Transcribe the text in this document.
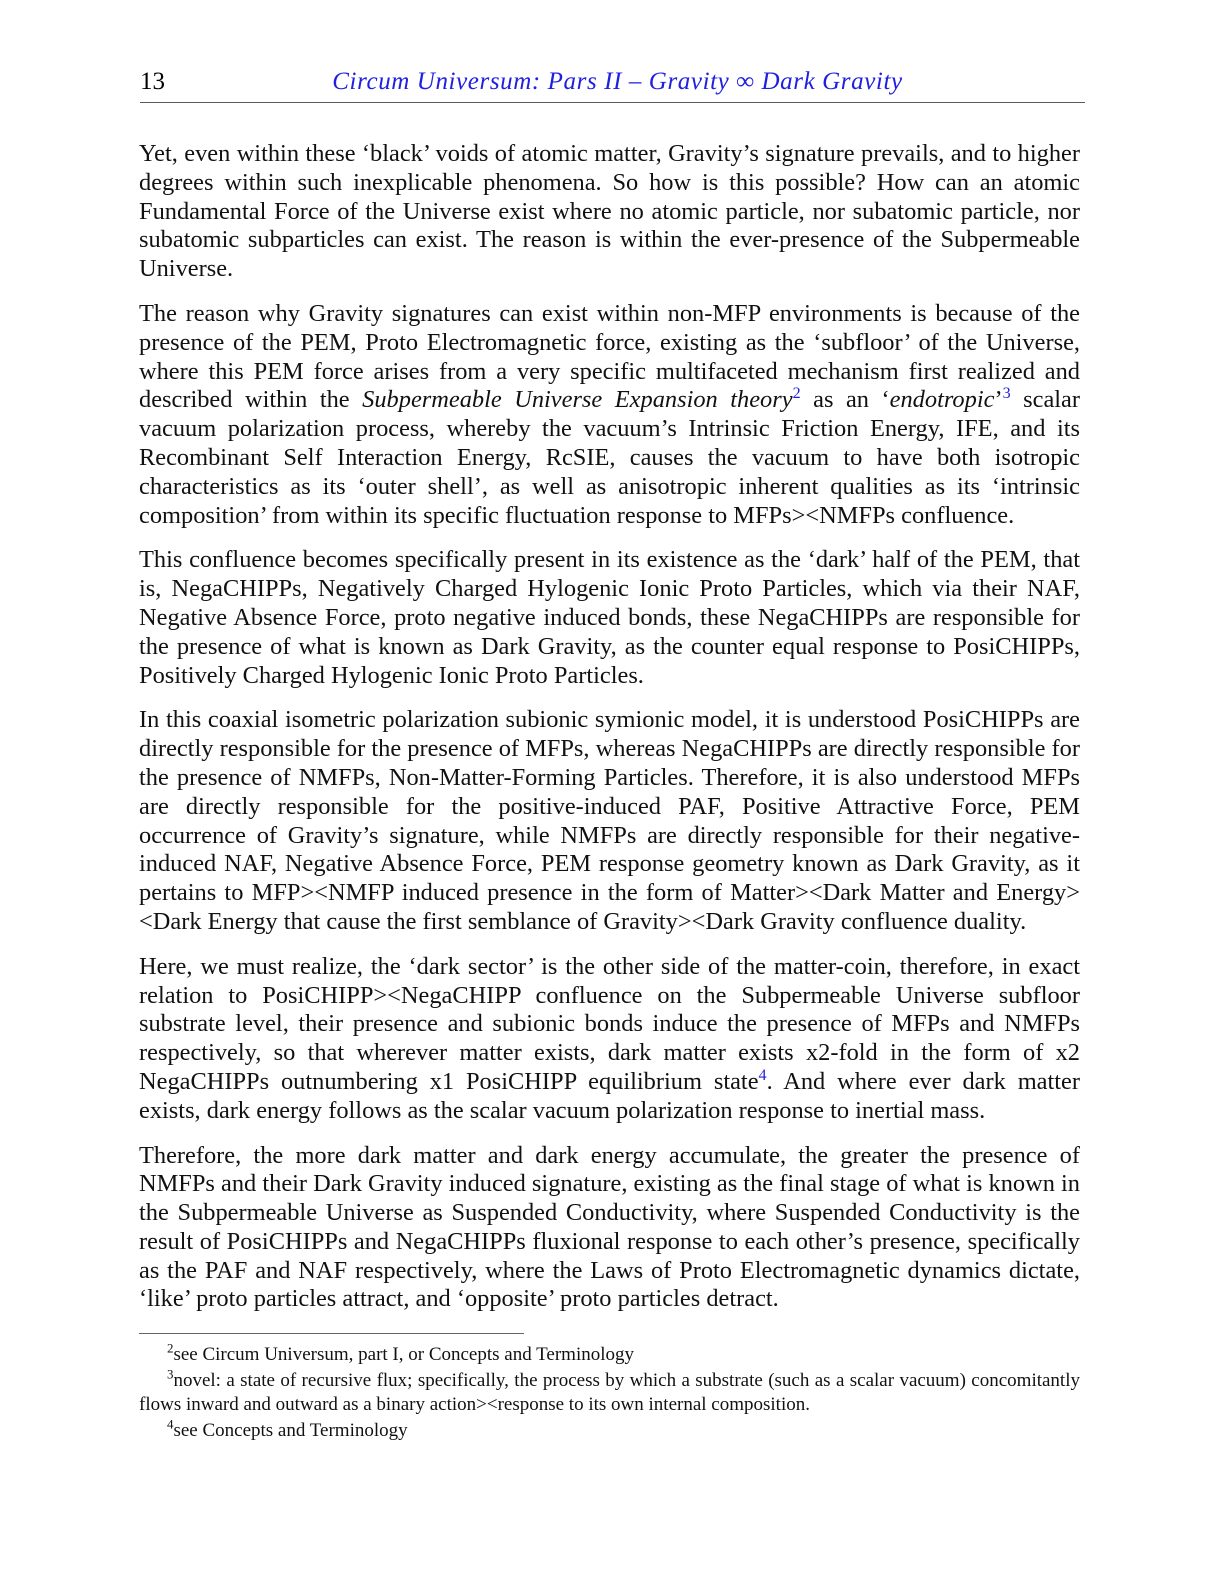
13	Circum Universum: Pars II – Gravity ∞ Dark Gravity

Yet, even within these ‘black’ voids of atomic matter, Gravity’s signature prevails, and to higher degrees within such inexplicable phenomena. So how is this possible? How can an atomic Fundamental Force of the Universe exist where no atomic particle, nor subatomic particle, nor subatomic subparticles can exist. The reason is within the ever-presence of the Subpermeable Universe.

The reason why Gravity signatures can exist within non-MFP environments is because of the presence of the PEM, Proto Electromagnetic force, existing as the ‘subfloor’ of the Universe, where this PEM force arises from a very specific multifaceted mechanism first realized and described within the Subpermeable Universe Expansion theory$^2$ as an ‘endotropic’$^3$ scalar vacuum polarization process, whereby the vacuum’s Intrinsic Friction Energy, IFE, and its Recombinant Self Interaction Energy, RcSIE, causes the vacuum to have both isotropic characteristics as its ‘outer shell’, as well as anisotropic inherent qualities as its ‘intrinsic composition’ from within its specific fluctuation response to MFPs><NMFPs confluence.

This confluence becomes specifically present in its existence as the ‘dark’ half of the PEM, that is, NegaCHIPPs, Negatively Charged Hylogenic Ionic Proto Particles, which via their NAF, Negative Absence Force, proto negative induced bonds, these NegaCHIPPs are responsible for the presence of what is known as Dark Gravity, as the counter equal response to PosiCHIPPs, Positively Charged Hylogenic Ionic Proto Particles.

In this coaxial isometric polarization subionic symionic model, it is understood PosiCHIPPs are directly responsible for the presence of MFPs, whereas NegaCHIPPs are directly responsible for the presence of NMFPs, Non-Matter-Forming Particles. Therefore, it is also understood MFPs are directly responsible for the positive-induced PAF, Positive Attractive Force, PEM occurrence of Gravity’s signature, while NMFPs are directly responsible for their negative-induced NAF, Negative Absence Force, PEM response geometry known as Dark Gravity, as it pertains to MFP><NMFP induced presence in the form of Matter><Dark Matter and Energy><Dark Energy that cause the first semblance of Gravity><Dark Gravity confluence duality.

Here, we must realize, the ‘dark sector’ is the other side of the matter-coin, therefore, in exact relation to PosiCHIPP><NegaCHIPP confluence on the Subpermeable Universe subfloor substrate level, their presence and subionic bonds induce the presence of MFPs and NMFPs respectively, so that wherever matter exists, dark matter exists x2-fold in the form of x2 NegaCHIPPs outnumbering x1 PosiCHIPP equilibrium state$^4$. And where ever dark matter exists, dark energy follows as the scalar vacuum polarization response to inertial mass.

Therefore, the more dark matter and dark energy accumulate, the greater the presence of NMFPs and their Dark Gravity induced signature, existing as the final stage of what is known in the Subpermeable Universe as Suspended Conductivity, where Suspended Conductivity is the result of PosiCHIPPs and NegaCHIPPs fluxional response to each other’s presence, specifically as the PAF and NAF respectively, where the Laws of Proto Electromagnetic dynamics dictate, ‘like’ proto particles attract, and ‘opposite’ proto particles detract.

$^2$see Circum Universum, part I, or Concepts and Terminology

$^3$novel: a state of recursive flux; specifically, the process by which a substrate (such as a scalar vacuum) concomitantly flows inward and outward as a binary action><response to its own internal composition.

$^4$see Concepts and Terminology
